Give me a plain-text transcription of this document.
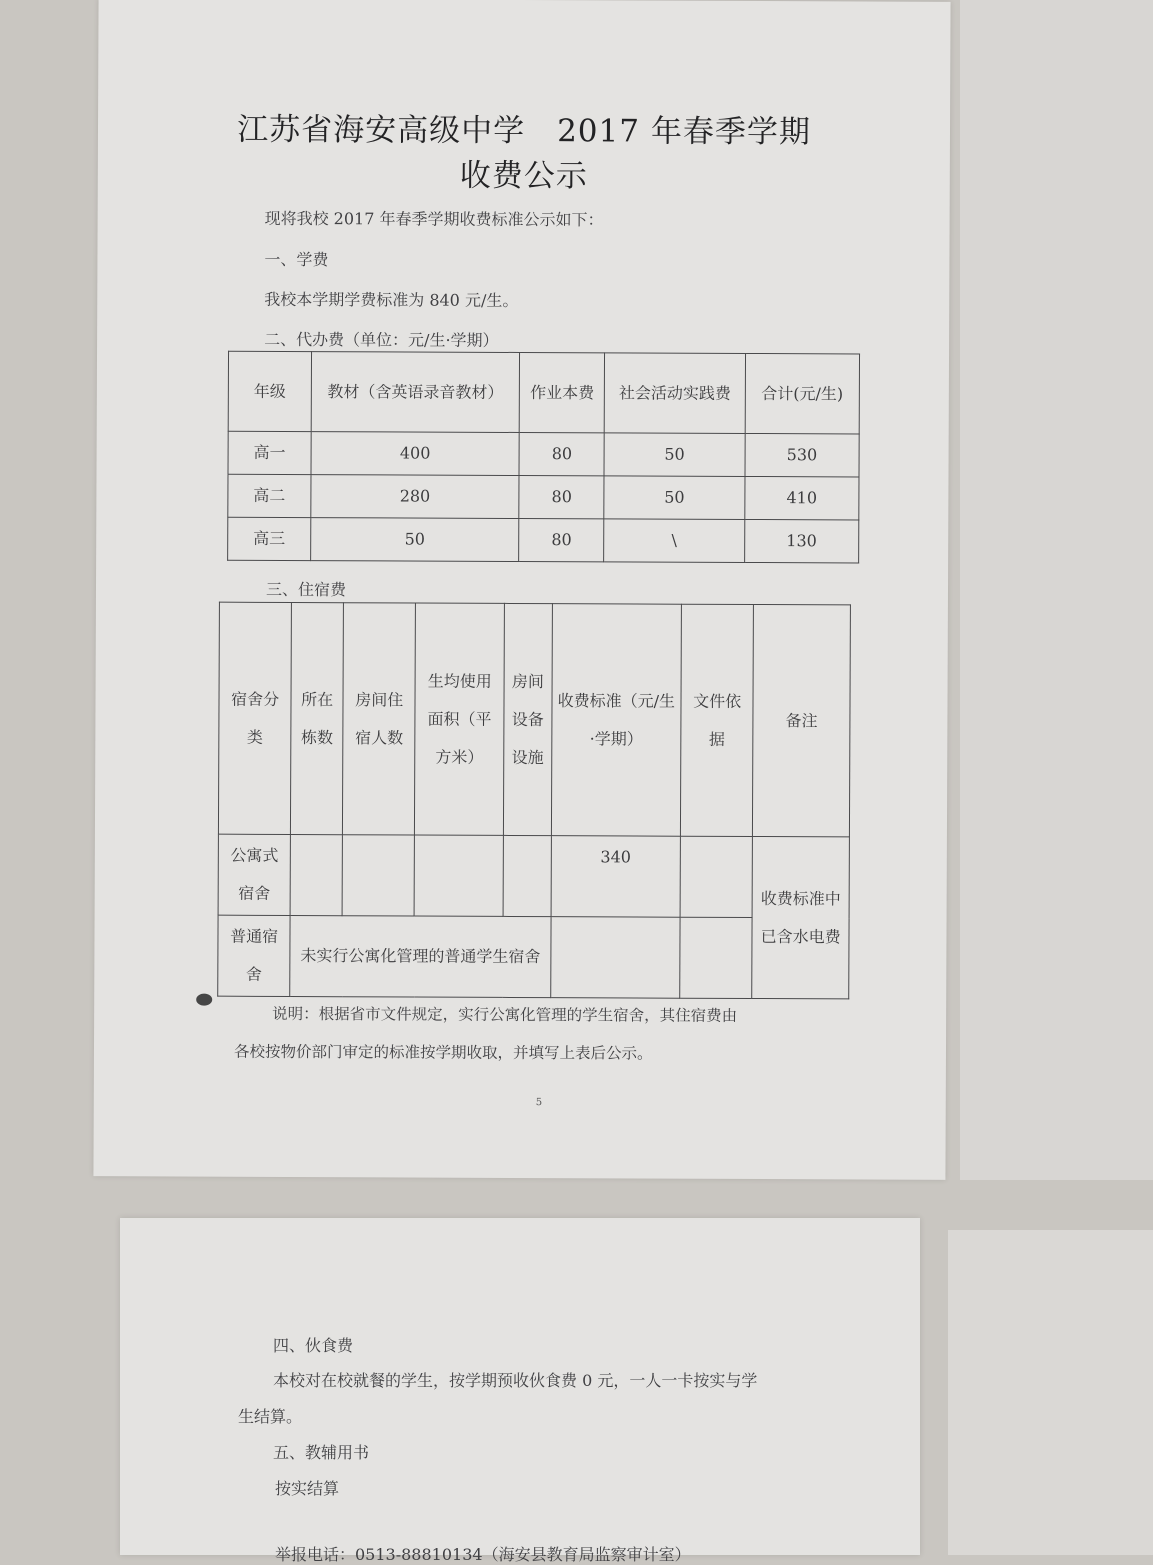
江苏省海安高级中学　2017 年春季学期
收费公示
现将我校 2017 年春季学期收费标准公示如下：
一、学费
我校本学期学费标准为 840 元/生。
二、代办费（单位：元/生·学期）
年级	教材（含英语录音教材）	作业本费	社会活动实践费	合计(元/生)
高一	400	80	50	530
高二	280	80	50	410
高三	50	80	\	130
三、住宿费
宿舍分类	所在栋数	房间住宿人数	生均使用面积（平方米）	房间设备设施	收费标准（元/生·学期）	文件依据	备注
公寓式宿舍					340		收费标准中已含水电费
普通宿舍	未实行公寓化管理的普通学生宿舍						
说明：根据省市文件规定，实行公寓化管理的学生宿舍，其住宿费由
各校按物价部门审定的标准按学期收取，并填写上表后公示。
5
四、伙食费
本校对在校就餐的学生，按学期预收伙食费 0 元，一人一卡按实与学
生结算。
五、教辅用书
按实结算
举报电话：0513-88810134（海安县教育局监察审计室）
